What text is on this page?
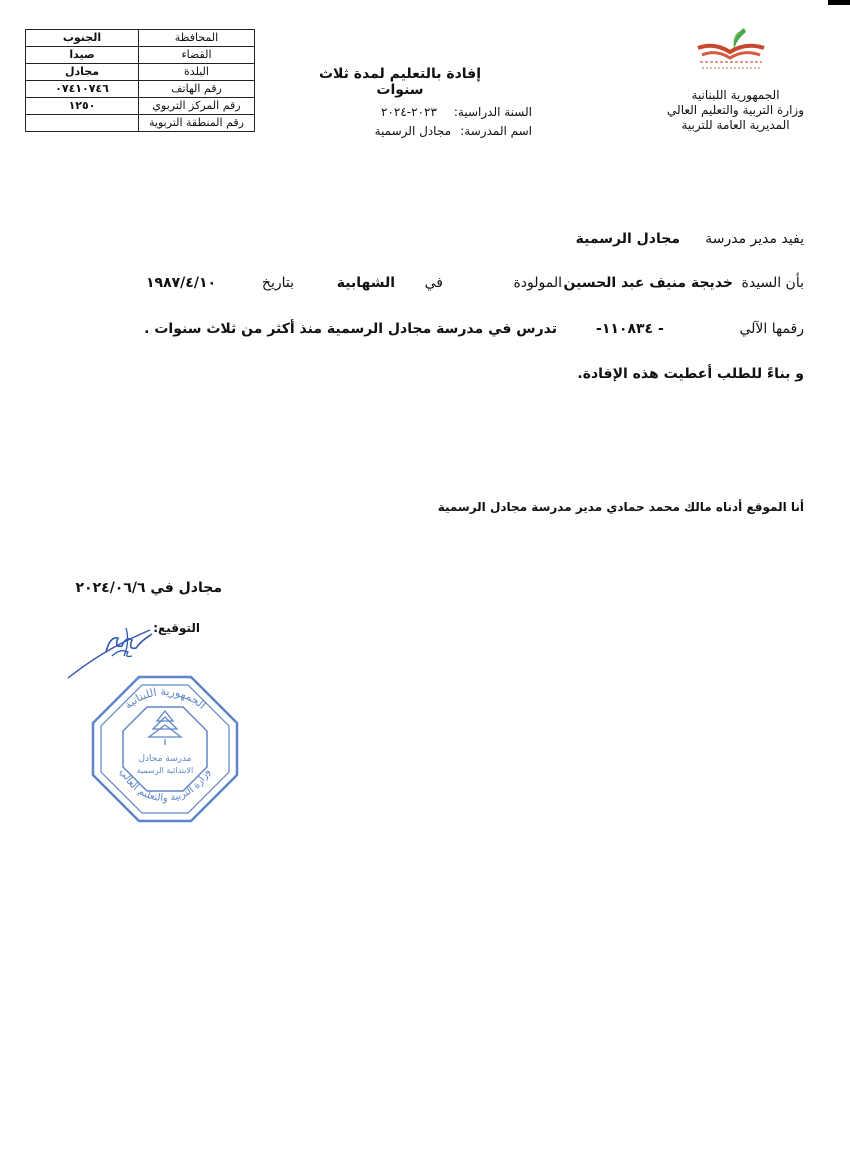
المحافظة	الجنوب
القضاء	صيدا
البلدة	مجادل
رقم الهاتف	٠٧٤١٠٧٤٦
رقم المركز التربوي	١٢٥٠
رقم المنطقة التربوية	
إفادة بالتعليم لمدة ثلاث سنوات
السنة الدراسية:
٢٠٢٣-٢٠٢٤
اسم المدرسة:
مجادل الرسمية
الجمهورية اللبنانية
وزارة التربية والتعليم العالي
المديرية العامة للتربية
يفيد مدير مدرسة
مجادل الرسمية
بأن السيدة
خديجة منيف عبد الحسين
المولودة
في
الشهابية
بتاريخ
١٩٨٧/٤/١٠
رقمها الآلي
-١١٠٨٣٤ -
تدرس في مدرسة مجادل الرسمية منذ أكثر من ثلاث سنوات .
و بناءً للطلب أعطيت هذه الإفادة.
أنا الموقع أدناه مالك محمد حمادي مدير مدرسة مجادل الرسمية
مجادل في ٢٠٢٤/٠٦/٦
التوقيع:
الجمهورية اللبنانية
وزارة التربية والتعليم العالي
مدرسة مجادل
الابتدائية الرسمية
